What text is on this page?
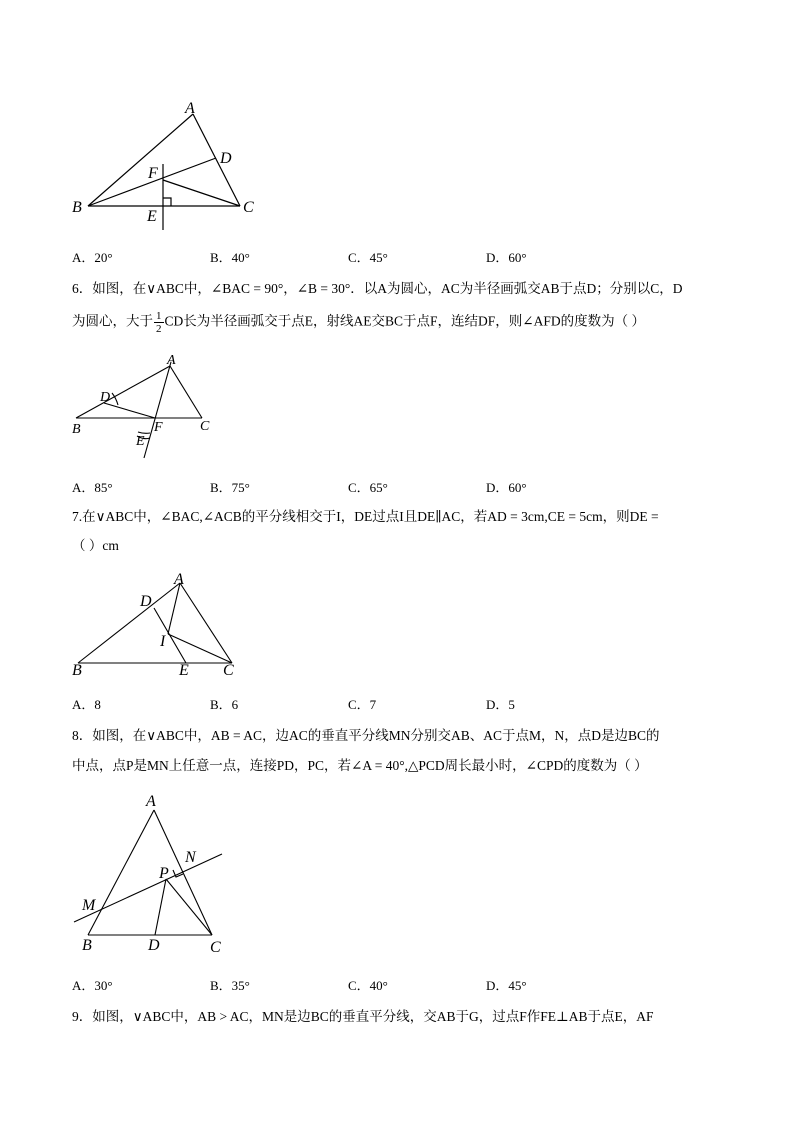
A
B	C
D
E
F
A．20°	B．40°	C．45°	D．60°
6．如图，在∨ABC中，∠BAC = 90°，∠B = 30°．以A为圆心，AC为半径画弧交AB于点D；分别以C，D
为圆心，大于 $\frac{1}{2}$ CD长为半径画弧交于点E，射线AE交BC于点F，连结DF，则∠AFD的度数为（ ）
A
B	C
D
E
F
A．85°	B．75°	C．65°	D．60°
7.在∨ABC中，∠BAC,∠ACB的平分线相交于I，DE过点I且DE∥AC，若AD = 3cm,CE = 5cm，则DE =
（ ）cm
A
B	C
D
E
I
A．8	B．6	C．7	D．5
8．如图，在∨ABC中，AB = AC，边AC的垂直平分线MN分别交AB、AC于点M，N，点D是边BC的
中点，点P是MN上任意一点，连接PD，PC，若∠A = 40°,△PCD周长最小时，∠CPD的度数为（ ）
A
B	C
D
M
N
P
A．30°	B．35°	C．40°	D．45°
9．如图，∨ABC中，AB > AC，MN是边BC的垂直平分线，交AB于G，过点F作FE⊥AB于点E，AF
